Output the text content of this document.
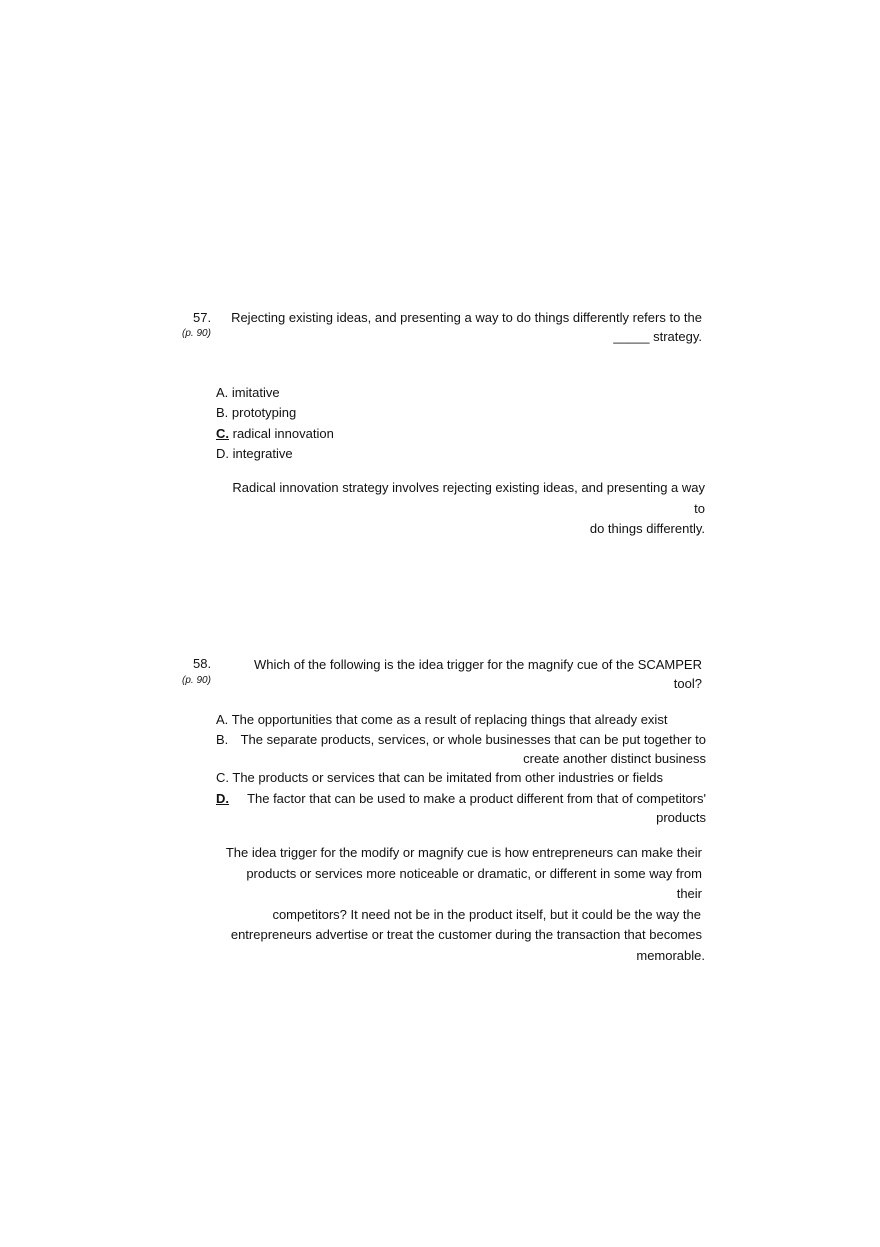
57.
(p. 90)
Rejecting existing ideas, and presenting a way to do things differently refers to the
_____ strategy.
A. imitative
B. prototyping
C. radical innovation
D. integrative
Radical innovation strategy involves rejecting existing ideas, and presenting a way to
do things differently.
58.
(p. 90)
Which of the following is the idea trigger for the magnify cue of the SCAMPER tool?
A. The opportunities that come as a result of replacing things that already exist
B. The separate products, services, or whole businesses that can be put together to
create another distinct business
C. The products or services that can be imitated from other industries or fields
D.	The factor that can be used to make a product different from that of competitors'
products
The idea trigger for the modify or magnify cue is how entrepreneurs can make their
products or services more noticeable or dramatic, or different in some way from their
competitors? It need not be in the product itself, but it could be the way the
entrepreneurs advertise or treat the customer during the transaction that becomes
memorable.
